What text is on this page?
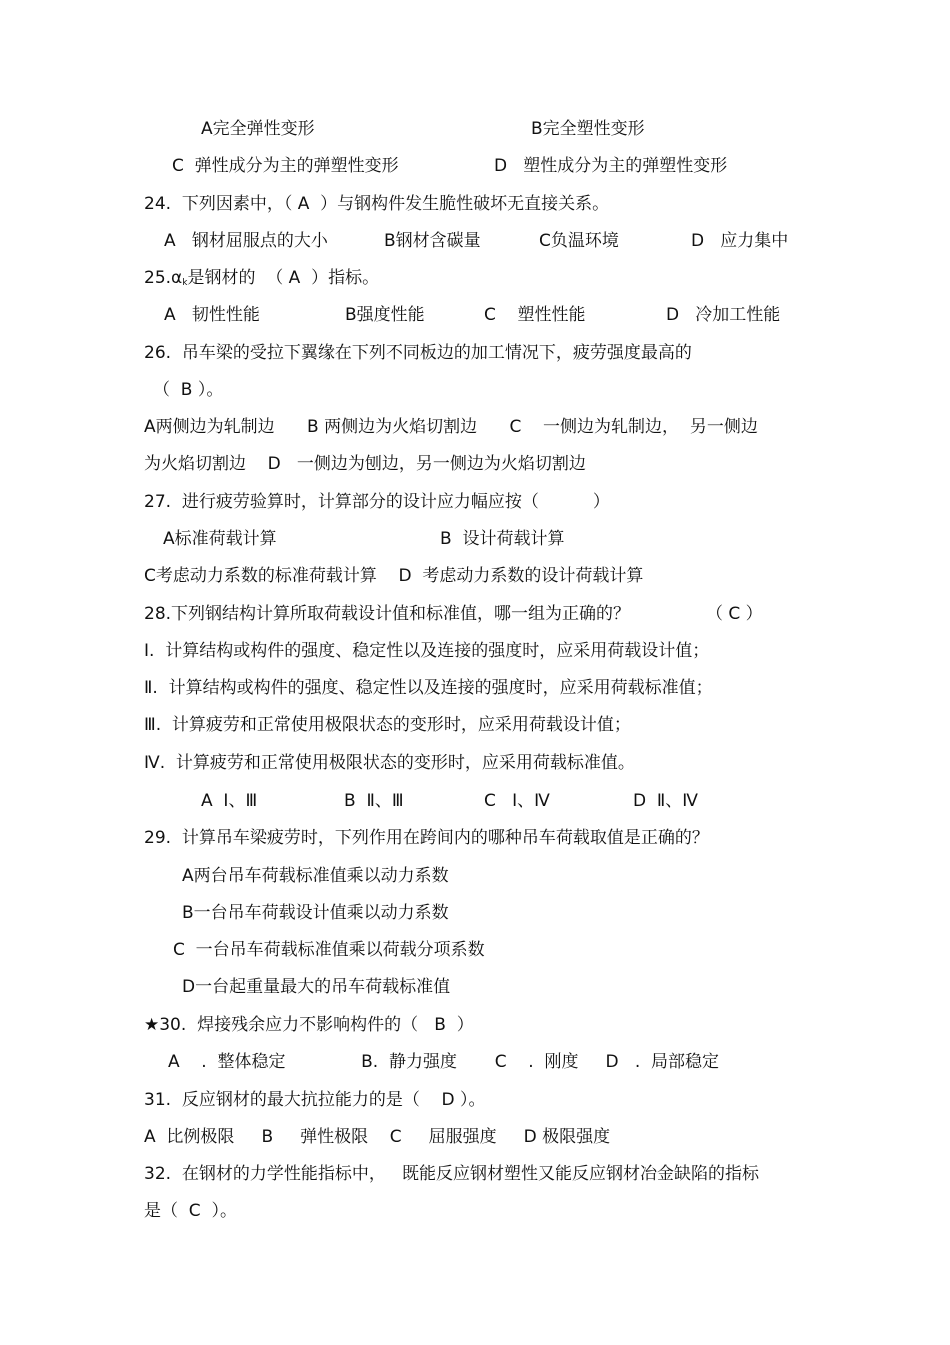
A完全弹性变形	B完全塑性变形
C  弹性成分为主的弹塑性变形	D   塑性成分为主的弹塑性变形
24.  下列因素中，（ A  ）与钢构件发生脆性破坏无直接关系。
A   钢材屈服点的大小	B钢材含碳量	C负温环境	D   应力集中
$25.\alpha_k$是钢材的  （ A  ）指标。
A   韧性性能	B强度性能	C    塑性性能	D   冷加工性能
26.  吊车梁的受拉下翼缘在下列不同板边的加工情况下，疲劳强度最高的
（  B ）。
A两侧边为轧制边      B 两侧边为火焰切割边      C    一侧边为轧制边，  另一侧边
为火焰切割边    D   一侧边为刨边，另一侧边为火焰切割边
27.  进行疲劳验算时，计算部分的设计应力幅应按（          ）
A标准荷载计算	B  设计荷载计算
C考虑动力系数的标准荷载计算    D  考虑动力系数的设计荷载计算
28.下列钢结构计算所取荷载设计值和标准值，哪一组为正确的？	（ C ）
Ⅰ.  计算结构或构件的强度、稳定性以及连接的强度时，应采用荷载设计值；
Ⅱ.  计算结构或构件的强度、稳定性以及连接的强度时，应采用荷载标准值；
Ⅲ.  计算疲劳和正常使用极限状态的变形时，应采用荷载设计值；
Ⅳ.  计算疲劳和正常使用极限状态的变形时，应采用荷载标准值。
A  Ⅰ、Ⅲ	B  Ⅱ、Ⅲ	C   Ⅰ、Ⅳ	D  Ⅱ、Ⅳ
29.  计算吊车梁疲劳时，下列作用在跨间内的哪种吊车荷载取值是正确的？
A两台吊车荷载标准值乘以动力系数
B一台吊车荷载设计值乘以动力系数
C  一台吊车荷载标准值乘以荷载分项系数
D一台起重量最大的吊车荷载标准值
★30.  焊接残余应力不影响构件的（   B  ）
A    .  整体稳定              B.  静力强度       C    .  刚度     D   .  局部稳定
31.  反应钢材的最大抗拉能力的是（    D ）。
A  比例极限     B     弹性极限    C     屈服强度     D 极限强度
32.  在钢材的力学性能指标中，   既能反应钢材塑性又能反应钢材冶金缺陷的指标
是（  C  ）。
